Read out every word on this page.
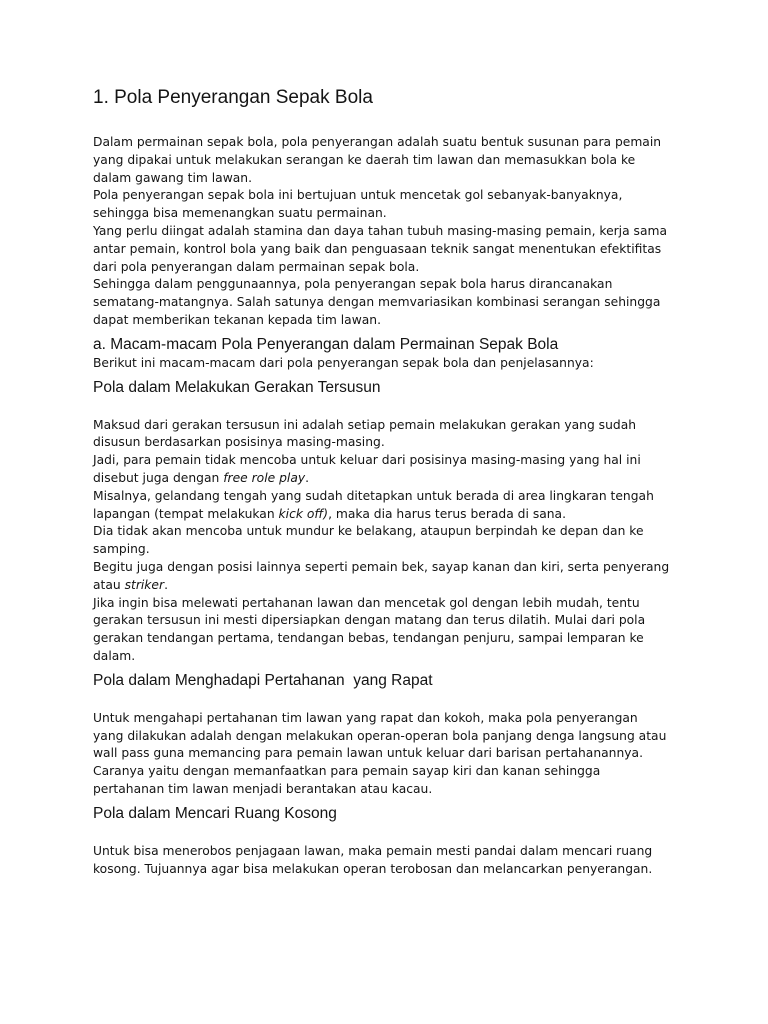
1. Pola Penyerangan Sepak Bola

Dalam permainan sepak bola, pola penyerangan adalah suatu bentuk susunan para pemain

yang dipakai untuk melakukan serangan ke daerah tim lawan dan memasukkan bola ke

dalam gawang tim lawan.

Pola penyerangan sepak bola ini bertujuan untuk mencetak gol sebanyak-banyaknya,

sehingga bisa memenangkan suatu permainan.

Yang perlu diingat adalah stamina dan daya tahan tubuh masing-masing pemain, kerja sama

antar pemain, kontrol bola yang baik dan penguasaan teknik sangat menentukan efektifitas

dari pola penyerangan dalam permainan sepak bola.

Sehingga dalam penggunaannya, pola penyerangan sepak bola harus dirancanakan

sematang-matangnya. Salah satunya dengan memvariasikan kombinasi serangan sehingga

dapat memberikan tekanan kepada tim lawan.

a. Macam-macam Pola Penyerangan dalam Permainan Sepak Bola

Berikut ini macam-macam dari pola penyerangan sepak bola dan penjelasannya:

Pola dalam Melakukan Gerakan Tersusun

Maksud dari gerakan tersusun ini adalah setiap pemain melakukan gerakan yang sudah

disusun berdasarkan posisinya masing-masing.

Jadi, para pemain tidak mencoba untuk keluar dari posisinya masing-masing yang hal ini

disebut juga dengan free role play.

Misalnya, gelandang tengah yang sudah ditetapkan untuk berada di area lingkaran tengah

lapangan (tempat melakukan kick off), maka dia harus terus berada di sana.

Dia tidak akan mencoba untuk mundur ke belakang, ataupun berpindah ke depan dan ke

samping.

Begitu juga dengan posisi lainnya seperti pemain bek, sayap kanan dan kiri, serta penyerang

atau striker.

Jika ingin bisa melewati pertahanan lawan dan mencetak gol dengan lebih mudah, tentu

gerakan tersusun ini mesti dipersiapkan dengan matang dan terus dilatih. Mulai dari pola

gerakan tendangan pertama, tendangan bebas, tendangan penjuru, sampai lemparan ke

dalam.

Pola dalam Menghadapi Pertahanan  yang Rapat

Untuk mengahapi pertahanan tim lawan yang rapat dan kokoh, maka pola penyerangan

yang dilakukan adalah dengan melakukan operan-operan bola panjang denga langsung atau

wall pass guna memancing para pemain lawan untuk keluar dari barisan pertahanannya.

Caranya yaitu dengan memanfaatkan para pemain sayap kiri dan kanan sehingga

pertahanan tim lawan menjadi berantakan atau kacau.

Pola dalam Mencari Ruang Kosong

Untuk bisa menerobos penjagaan lawan, maka pemain mesti pandai dalam mencari ruang

kosong. Tujuannya agar bisa melakukan operan terobosan dan melancarkan penyerangan.
